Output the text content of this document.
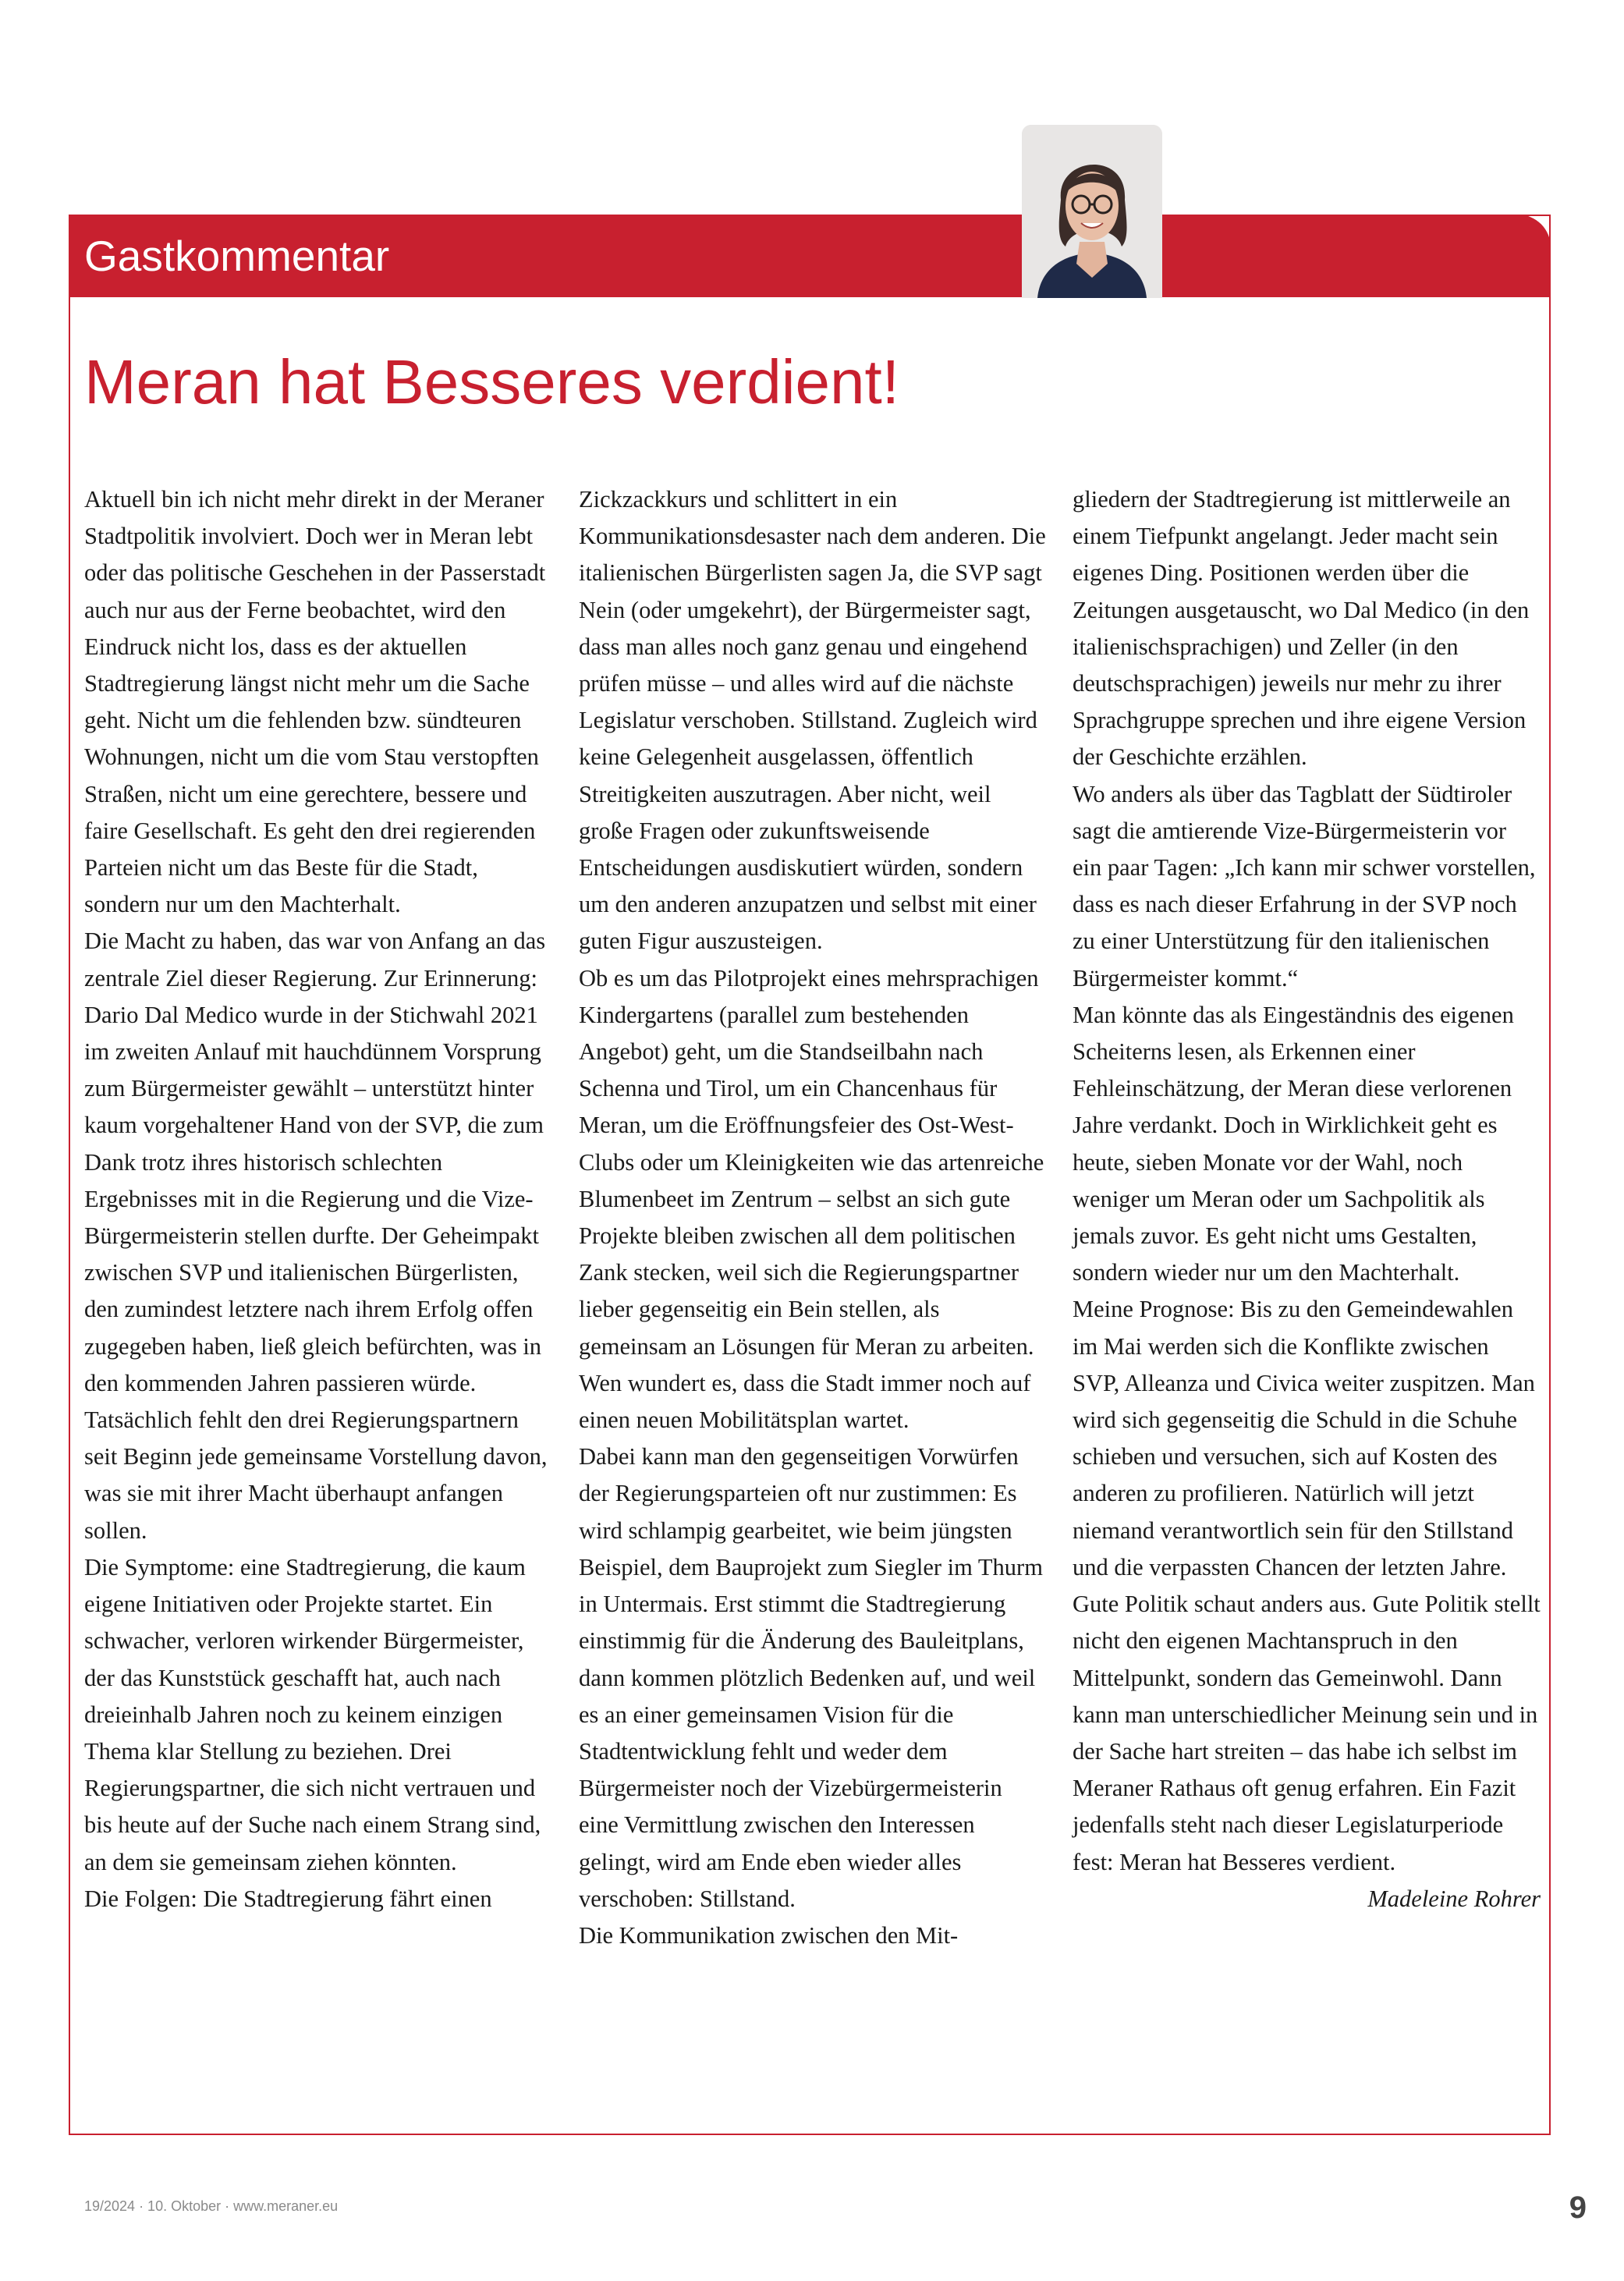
Gastkommentar
Meran hat Besseres verdient!

Aktuell bin ich nicht mehr direkt in der Meraner Stadtpolitik involviert. Doch wer in Meran lebt oder das politische Geschehen in der Passerstadt auch nur aus der Ferne beobachtet, wird den Eindruck nicht los, dass es der aktuellen Stadtregierung längst nicht mehr um die Sache geht. Nicht um die fehlenden bzw. sündteuren Wohnungen, nicht um die vom Stau verstopften Straßen, nicht um eine gerechtere, bessere und faire Gesellschaft. Es geht den drei regierenden Parteien nicht um das Beste für die Stadt, sondern nur um den Machterhalt.

Die Macht zu haben, das war von Anfang an das zentrale Ziel dieser Regierung. Zur Erinnerung: Dario Dal Medico wurde in der Stichwahl 2021 im zweiten Anlauf mit hauchdünnem Vorsprung zum Bürgermeister gewählt – unterstützt hinter kaum vorgehaltener Hand von der SVP, die zum Dank trotz ihres historisch schlechten Ergebnisses mit in die Regierung und die Vize-Bürgermeisterin stellen durfte. Der Geheimpakt zwischen SVP und italienischen Bürgerlisten, den zumindest letztere nach ihrem Erfolg offen zugegeben haben, ließ gleich befürchten, was in den kommenden Jahren passieren würde.

Tatsächlich fehlt den drei Regierungspartnern seit Beginn jede gemeinsame Vorstellung davon, was sie mit ihrer Macht überhaupt anfangen sollen.

Die Symptome: eine Stadtregierung, die kaum eigene Initiativen oder Projekte startet. Ein schwacher, verloren wirkender Bürgermeister, der das Kunststück geschafft hat, auch nach dreieinhalb Jahren noch zu keinem einzigen Thema klar Stellung zu beziehen. Drei Regierungspartner, die sich nicht vertrauen und bis heute auf der Suche nach einem Strang sind, an dem sie gemeinsam ziehen könnten.

Die Folgen: Die Stadtregierung fährt einen

Zickzackkurs und schlittert in ein Kommunikationsdesaster nach dem anderen. Die italienischen Bürgerlisten sagen Ja, die SVP sagt Nein (oder umgekehrt), der Bürgermeister sagt, dass man alles noch ganz genau und eingehend prüfen müsse – und alles wird auf die nächste Legislatur verschoben. Stillstand. Zugleich wird keine Gelegenheit ausgelassen, öffentlich Streitigkeiten auszutragen. Aber nicht, weil große Fragen oder zukunftsweisende Entscheidungen ausdiskutiert würden, sondern um den anderen anzupatzen und selbst mit einer guten Figur auszusteigen.

Ob es um das Pilotprojekt eines mehrsprachigen Kindergartens (parallel zum bestehenden Angebot) geht, um die Standseilbahn nach Schenna und Tirol, um ein Chancenhaus für Meran, um die Eröffnungsfeier des Ost-West-Clubs oder um Kleinigkeiten wie das artenreiche Blumenbeet im Zentrum – selbst an sich gute Projekte bleiben zwischen all dem politischen Zank stecken, weil sich die Regierungspartner lieber gegenseitig ein Bein stellen, als gemeinsam an Lösungen für Meran zu arbeiten. Wen wundert es, dass die Stadt immer noch auf einen neuen Mobilitätsplan wartet.

Dabei kann man den gegenseitigen Vorwürfen der Regierungsparteien oft nur zustimmen: Es wird schlampig gearbeitet, wie beim jüngsten Beispiel, dem Bauprojekt zum Siegler im Thurm in Untermais. Erst stimmt die Stadtregierung einstimmig für die Änderung des Bauleitplans, dann kommen plötzlich Bedenken auf, und weil es an einer gemeinsamen Vision für die Stadtentwicklung fehlt und weder dem Bürgermeister noch der Vizebürgermeisterin eine Vermittlung zwischen den Interessen gelingt, wird am Ende eben wieder alles verschoben: Stillstand.

Die Kommunikation zwischen den Mit-

gliedern der Stadtregierung ist mittlerweile an einem Tiefpunkt angelangt. Jeder macht sein eigenes Ding. Positionen werden über die Zeitungen ausgetauscht, wo Dal Medico (in den italienischsprachigen) und Zeller (in den deutschsprachigen) jeweils nur mehr zu ihrer Sprachgruppe sprechen und ihre eigene Version der Geschichte erzählen.

Wo anders als über das Tagblatt der Südtiroler sagt die amtierende Vize-Bürgermeisterin vor ein paar Tagen: „Ich kann mir schwer vorstellen, dass es nach dieser Erfahrung in der SVP noch zu einer Unterstützung für den italienischen Bürgermeister kommt.“

Man könnte das als Eingeständnis des eigenen Scheiterns lesen, als Erkennen einer Fehleinschätzung, der Meran diese verlorenen Jahre verdankt. Doch in Wirklichkeit geht es heute, sieben Monate vor der Wahl, noch weniger um Meran oder um Sachpolitik als jemals zuvor. Es geht nicht ums Gestalten, sondern wieder nur um den Machterhalt.

Meine Prognose: Bis zu den Gemeindewahlen im Mai werden sich die Konflikte zwischen SVP, Alleanza und Civica weiter zuspitzen. Man wird sich gegenseitig die Schuld in die Schuhe schieben und versuchen, sich auf Kosten des anderen zu profilieren. Natürlich will jetzt niemand verantwortlich sein für den Stillstand und die verpassten Chancen der letzten Jahre.

Gute Politik schaut anders aus. Gute Politik stellt nicht den eigenen Machtanspruch in den Mittelpunkt, sondern das Gemeinwohl. Dann kann man unterschiedlicher Meinung sein und in der Sache hart streiten – das habe ich selbst im Meraner Rathaus oft genug erfahren. Ein Fazit jedenfalls steht nach dieser Legislaturperiode fest: Meran hat Besseres verdient.

Madeleine Rohrer

19/2024 · 10. Oktober · www.meraner.eu	9
